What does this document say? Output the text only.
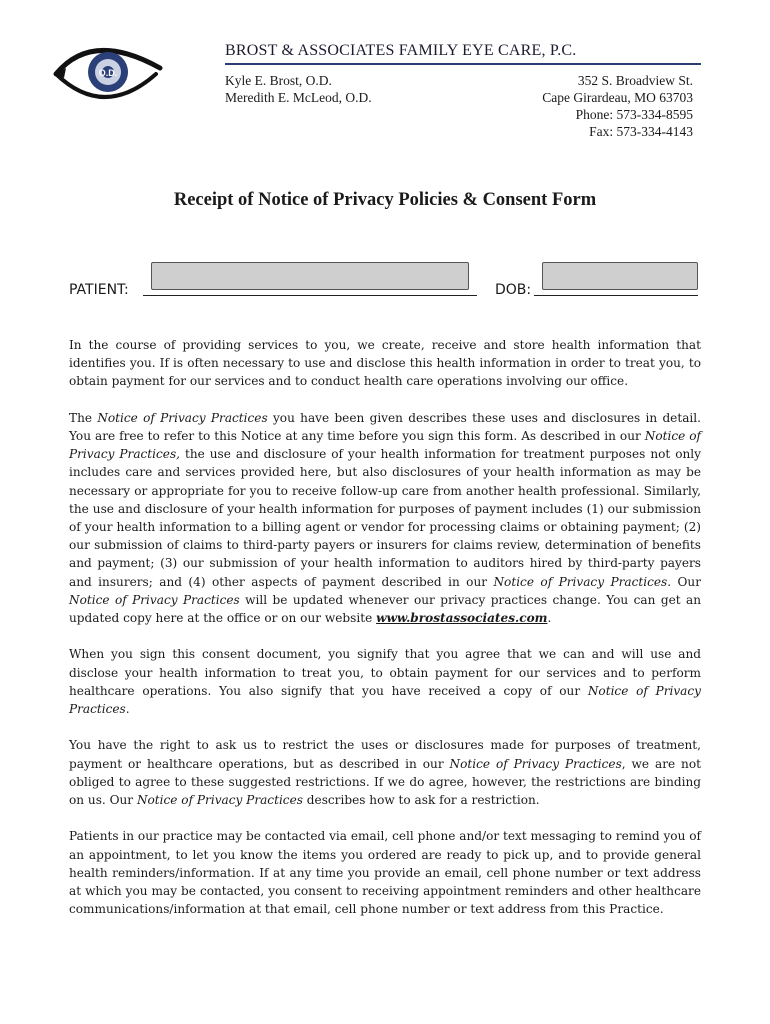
O.D.
BROST & ASSOCIATES FAMILY EYE CARE, P.C.
Kyle E. Brost, O.D.
Meredith E. McLeod, O.D.
352 S. Broadview St.
Cape Girardeau, MO 63703
Phone: 573-334-8595
Fax: 573-334-4143
Receipt of Notice of Privacy Policies & Consent Form
PATIENT:	DOB:

In the course of providing services to you, we create, receive and store health information that identifies you. If is often necessary to use and disclose this health information in order to treat you, to obtain payment for our services and to conduct health care operations involving our office.

The Notice of Privacy Practices you have been given describes these uses and disclosures in detail. You are free to refer to this Notice at any time before you sign this form. As described in our Notice of Privacy Practices, the use and disclosure of your health information for treatment purposes not only includes care and services provided here, but also disclosures of your health information as may be necessary or appropriate for you to receive follow-up care from another health professional. Similarly, the use and disclosure of your health information for purposes of payment includes (1) our submission of your health information to a billing agent or vendor for processing claims or obtaining payment; (2) our submission of claims to third-party payers or insurers for claims review, determination of benefits and payment; (3) our submission of your health information to auditors hired by third-party payers and insurers; and (4) other aspects of payment described in our Notice of Privacy Practices. Our Notice of Privacy Practices will be updated whenever our privacy practices change. You can get an updated copy here at the office or on our website www.brostassociates.com.

When you sign this consent document, you signify that you agree that we can and will use and disclose your health information to treat you, to obtain payment for our services and to perform healthcare operations. You also signify that you have received a copy of our Notice of Privacy Practices.

You have the right to ask us to restrict the uses or disclosures made for purposes of treatment, payment or healthcare operations, but as described in our Notice of Privacy Practices, we are not obliged to agree to these suggested restrictions. If we do agree, however, the restrictions are binding on us. Our Notice of Privacy Practices describes how to ask for a restriction.

Patients in our practice may be contacted via email, cell phone and/or text messaging to remind you of an appointment, to let you know the items you ordered are ready to pick up, and to provide general health reminders/information. If at any time you provide an email, cell phone number or text address at which you may be contacted, you consent to receiving appointment reminders and other healthcare communications/information at that email, cell phone number or text address from this Practice.
